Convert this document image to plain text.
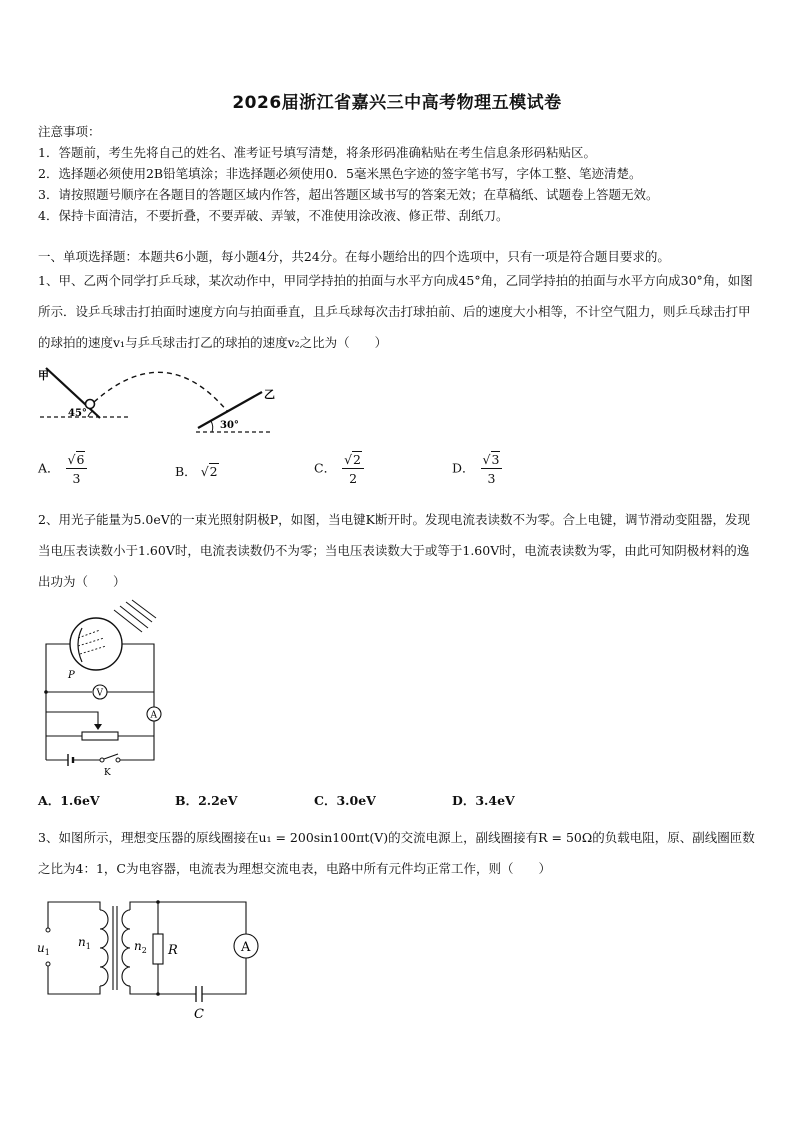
2026届浙江省嘉兴三中高考物理五模试卷
注意事项：
1．答题前，考生先将自己的姓名、准考证号填写清楚，将条形码准确粘贴在考生信息条形码粘贴区。
2．选择题必须使用2B铅笔填涂；非选择题必须使用0．5毫米黑色字迹的签字笔书写，字体工整、笔迹清楚。
3．请按照题号顺序在各题目的答题区域内作答，超出答题区域书写的答案无效；在草稿纸、试题卷上答题无效。
4．保持卡面清洁，不要折叠，不要弄破、弄皱，不准使用涂改液、修正带、刮纸刀。
一、单项选择题：本题共6小题，每小题4分，共24分。在每小题给出的四个选项中，只有一项是符合题目要求的。
1、甲、乙两个同学打乒乓球，某次动作中，甲同学持拍的拍面与水平方向成45°角，乙同学持拍的拍面与水平方向成30°角，如图所示．设乒乓球击打拍面时速度方向与拍面垂直，且乒乓球每次击打球拍前、后的速度大小相等，不计空气阻力，则乒乓球击打甲的球拍的速度v₁与乒乓球击打乙的球拍的速度v₂之比为（　　）
甲
乙
45°
30°
A． $\frac{√6}{3}$	B． √2	C． $\frac{√2}{2}$	D． $\frac{√3}{3}$
2、用光子能量为5.0eV的一束光照射阴极P，如图，当电键K断开时。发现电流表读数不为零。合上电键，调节滑动变阻器，发现当电压表读数小于1.60V时，电流表读数仍不为零；当电压表读数大于或等于1.60V时，电流表读数为零，由此可知阴极材料的逸出功为（　　）
P
V
A
K
A．1.6eV	B．2.2eV	C．3.0eV	D．3.4eV
3、如图所示，理想变压器的原线圈接在u₁ = 200sin100πt(V)的交流电源上，副线圈接有R = 50Ω的负载电阻，原、副线圈匝数之比为4：1，C为电容器，电流表为理想交流电表，电路中所有元件均正常工作，则（　　）
$u_1$
$n_1$	$n_2$ R	A
C
